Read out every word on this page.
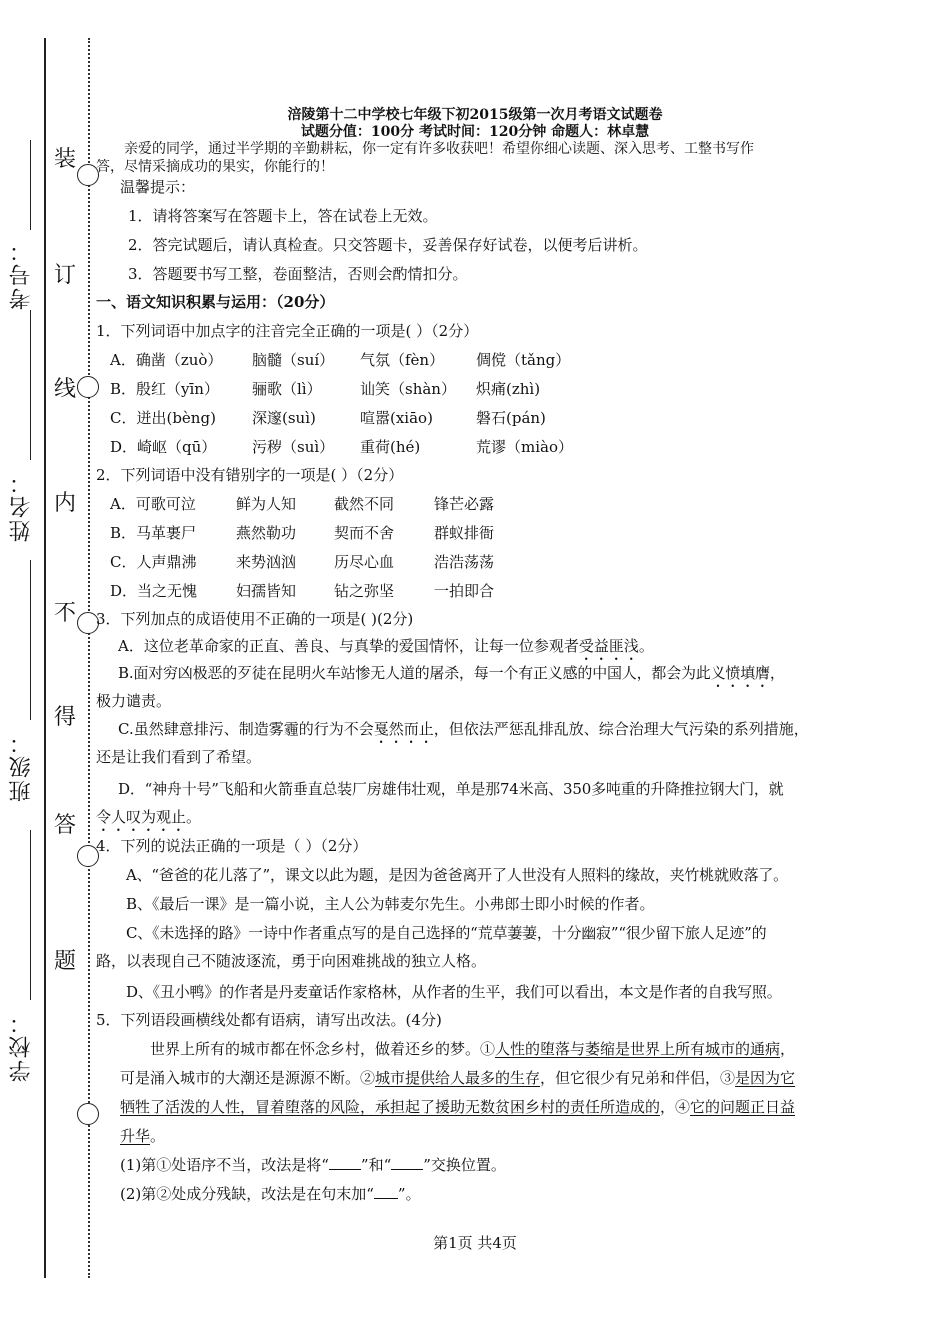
考号：
姓名：
班级：
学校：
装
订
线
内
不
得
答
题
涪陵第十二中学校七年级下初2015级第一次月考语文试题卷
试题分值：100分 考试时间：120分钟 命题人：林卓慧
亲爱的同学，通过半学期的辛勤耕耘，你一定有许多收获吧！希望你细心读题、深入思考、工整书写作
答，尽情采摘成功的果实，你能行的！
温馨提示：
1．请将答案写在答题卡上，答在试卷上无效。
2．答完试题后，请认真检查。只交答题卡，妥善保存好试卷，以便考后讲析。
3．答题要书写工整，卷面整洁，否则会酌情扣分。
一、语文知识积累与运用：（20分）
1．下列词语中加点字的注音完全正确的一项是( ）（2分）
A．确凿（zuò） 脑髓（suí） 气氛（fèn） 倜傥（tǎng）
B．殷红（yīn） 骊歌（lì）	讪笑（shàn） 炽痛(zhì)
C．迸出(bèng) 深邃(suì)	喧嚣(xiāo)	磐石(pán)
D．崎岖（qū） 污秽（suì） 重荷(hé)	荒谬（miào）
2．下列词语中没有错别字的一项是( ）（2分）
A．可歌可泣	鲜为人知	截然不同	锋芒必露
B．马革裹尸	燕然勒功	契而不舍	群蚁排衙
C．人声鼎沸	来势汹汹	历尽心血	浩浩荡荡
D．当之无愧	妇孺皆知	钻之弥坚	一拍即合
3．下列加点的成语使用不正确的一项是( )(2分)
A．这位老革命家的正直、善良、与真挚的爱国情怀，让每一位参观者受益匪浅。
B.面对穷凶极恶的歹徒在昆明火车站惨无人道的屠杀，每一个有正义感的中国人，都会为此义愤填膺，
极力谴责。
C.虽然肆意排污、制造雾霾的行为不会戛然而止，但依法严惩乱排乱放、综合治理大气污染的系列措施，
还是让我们看到了希望。
D．“神舟十号”飞船和火箭垂直总装厂房雄伟壮观，单是那74米高、350多吨重的升降推拉钢大门，就
令人叹为观止。
4．下列的说法正确的一项是（ ）（2分）
A、“爸爸的花儿落了”，课文以此为题，是因为爸爸离开了人世没有人照料的缘故，夹竹桃就败落了。
B、《最后一课》是一篇小说，主人公为韩麦尔先生。小弗郎士即小时候的作者。
C、《未选择的路》一诗中作者重点写的是自己选择的“荒草萋萋，十分幽寂”“很少留下旅人足迹”的
路，以表现自己不随波逐流，勇于向困难挑战的独立人格。
D、《丑小鸭》的作者是丹麦童话作家格林，从作者的生平，我们可以看出，本文是作者的自我写照。
5．下列语段画横线处都有语病，请写出改法。(4分)
世界上所有的城市都在怀念乡村，做着还乡的梦。①人性的堕落与萎缩是世界上所有城市的通病，
可是涌入城市的大潮还是源源不断。②城市提供给人最多的生存，但它很少有兄弟和伴侣，③是因为它
牺牲了活泼的人性，冒着堕落的风险，承担起了援助无数贫困乡村的责任所造成的，④它的问题正日益
升华。
(1)第①处语序不当，改法是将“ ”和“ ”交换位置。
(2)第②处成分残缺，改法是在句末加“ ”。
第1页 共4页
